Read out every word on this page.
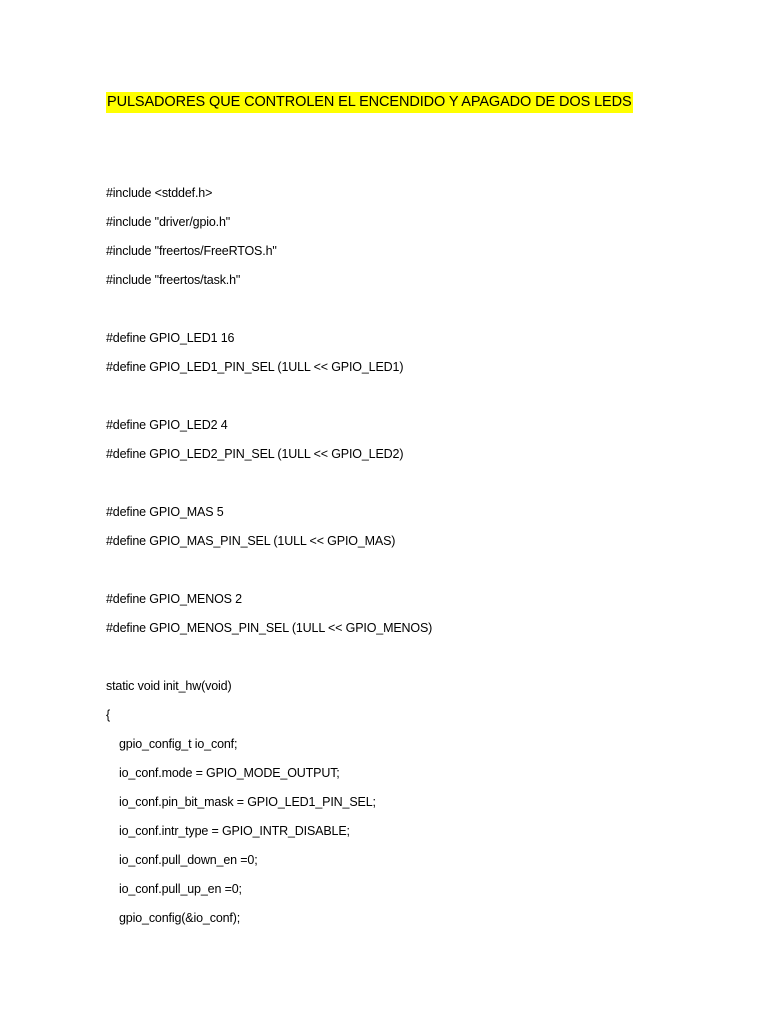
PULSADORES QUE CONTROLEN EL ENCENDIDO Y APAGADO DE DOS LEDS
#include <stddef.h>
#include "driver/gpio.h"
#include "freertos/FreeRTOS.h"
#include "freertos/task.h"
#define GPIO_LED1 16
#define GPIO_LED1_PIN_SEL (1ULL << GPIO_LED1)
#define GPIO_LED2 4
#define GPIO_LED2_PIN_SEL (1ULL << GPIO_LED2)
#define GPIO_MAS 5
#define GPIO_MAS_PIN_SEL (1ULL << GPIO_MAS)
#define GPIO_MENOS 2
#define GPIO_MENOS_PIN_SEL (1ULL << GPIO_MENOS)
static void init_hw(void)
{
gpio_config_t io_conf;
io_conf.mode = GPIO_MODE_OUTPUT;
io_conf.pin_bit_mask = GPIO_LED1_PIN_SEL;
io_conf.intr_type = GPIO_INTR_DISABLE;
io_conf.pull_down_en =0;
io_conf.pull_up_en =0;
gpio_config(&io_conf);
